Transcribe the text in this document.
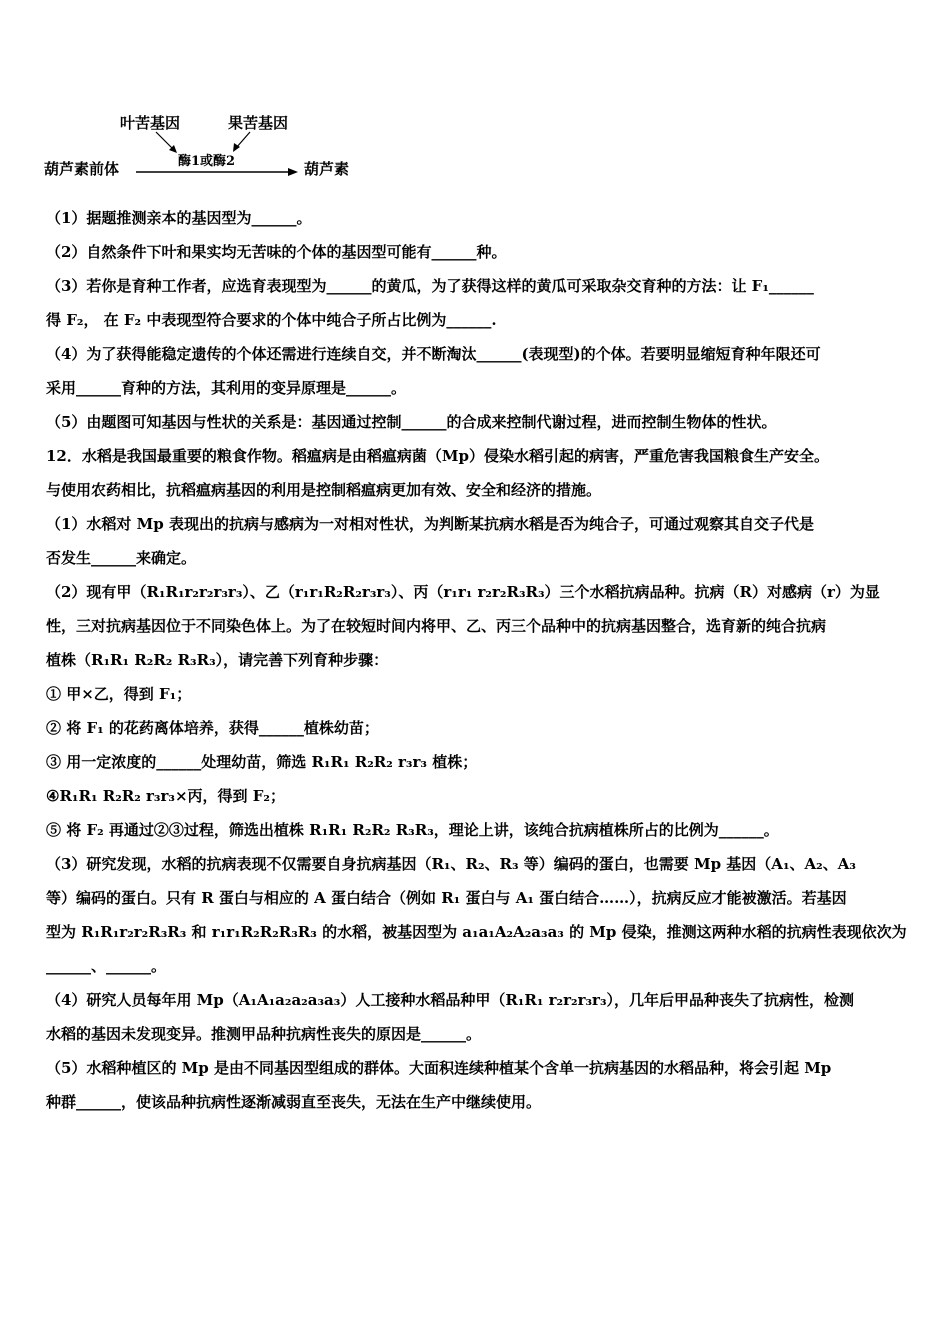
叶苦基因	果苦基因
酶1或酶2
葫芦素前体	葫芦素
（1）据题推测亲本的基因型为______。
（2）自然条件下叶和果实均无苦味的个体的基因型可能有______种。
（3）若你是育种工作者，应选育表现型为______的黄瓜，为了获得这样的黄瓜可采取杂交育种的方法：让 F₁______
得 F₂， 在 F₂ 中表现型符合要求的个体中纯合子所占比例为______.
（4）为了获得能稳定遗传的个体还需进行连续自交，并不断淘汰______(表现型)的个体。若要明显缩短育种年限还可
采用______育种的方法，其利用的变异原理是______。
（5）由题图可知基因与性状的关系是：基因通过控制______的合成来控制代谢过程，进而控制生物体的性状。
12．水稻是我国最重要的粮食作物。稻瘟病是由稻瘟病菌（Mp）侵染水稻引起的病害，严重危害我国粮食生产安全。
与使用农药相比，抗稻瘟病基因的利用是控制稻瘟病更加有效、安全和经济的措施。
（1）水稻对 Mp 表现出的抗病与感病为一对相对性状，为判断某抗病水稻是否为纯合子，可通过观察其自交子代是
否发生______来确定。
（2）现有甲（R₁R₁r₂r₂r₃r₃）、乙（r₁r₁R₂R₂r₃r₃）、丙（r₁r₁ r₂r₂R₃R₃）三个水稻抗病品种。抗病（R）对感病（r）为显
性，三对抗病基因位于不同染色体上。为了在较短时间内将甲、乙、丙三个品种中的抗病基因整合，选育新的纯合抗病
植株（R₁R₁ R₂R₂ R₃R₃），请完善下列育种步骤：
① 甲×乙，得到 F₁；
② 将 F₁ 的花药离体培养，获得______植株幼苗；
③ 用一定浓度的______处理幼苗，筛选 R₁R₁ R₂R₂ r₃r₃ 植株；
④R₁R₁ R₂R₂ r₃r₃×丙，得到 F₂；
⑤ 将 F₂ 再通过②③过程，筛选出植株 R₁R₁ R₂R₂ R₃R₃，理论上讲，该纯合抗病植株所占的比例为______。
（3）研究发现，水稻的抗病表现不仅需要自身抗病基因（R₁、R₂、R₃ 等）编码的蛋白，也需要 Mp 基因（A₁、A₂、A₃
等）编码的蛋白。只有 R 蛋白与相应的 A 蛋白结合（例如 R₁ 蛋白与 A₁ 蛋白结合……），抗病反应才能被激活。若基因
型为 R₁R₁r₂r₂R₃R₃ 和 r₁r₁R₂R₂R₃R₃ 的水稻，被基因型为 a₁a₁A₂A₂a₃a₃ 的 Mp 侵染，推测这两种水稻的抗病性表现依次为
______、______。
（4）研究人员每年用 Mp（A₁A₁a₂a₂a₃a₃）人工接种水稻品种甲（R₁R₁ r₂r₂r₃r₃），几年后甲品种丧失了抗病性，检测
水稻的基因未发现变异。推测甲品种抗病性丧失的原因是______。
（5）水稻种植区的 Mp 是由不同基因型组成的群体。大面积连续种植某个含单一抗病基因的水稻品种，将会引起 Mp
种群______，使该品种抗病性逐渐减弱直至丧失，无法在生产中继续使用。
